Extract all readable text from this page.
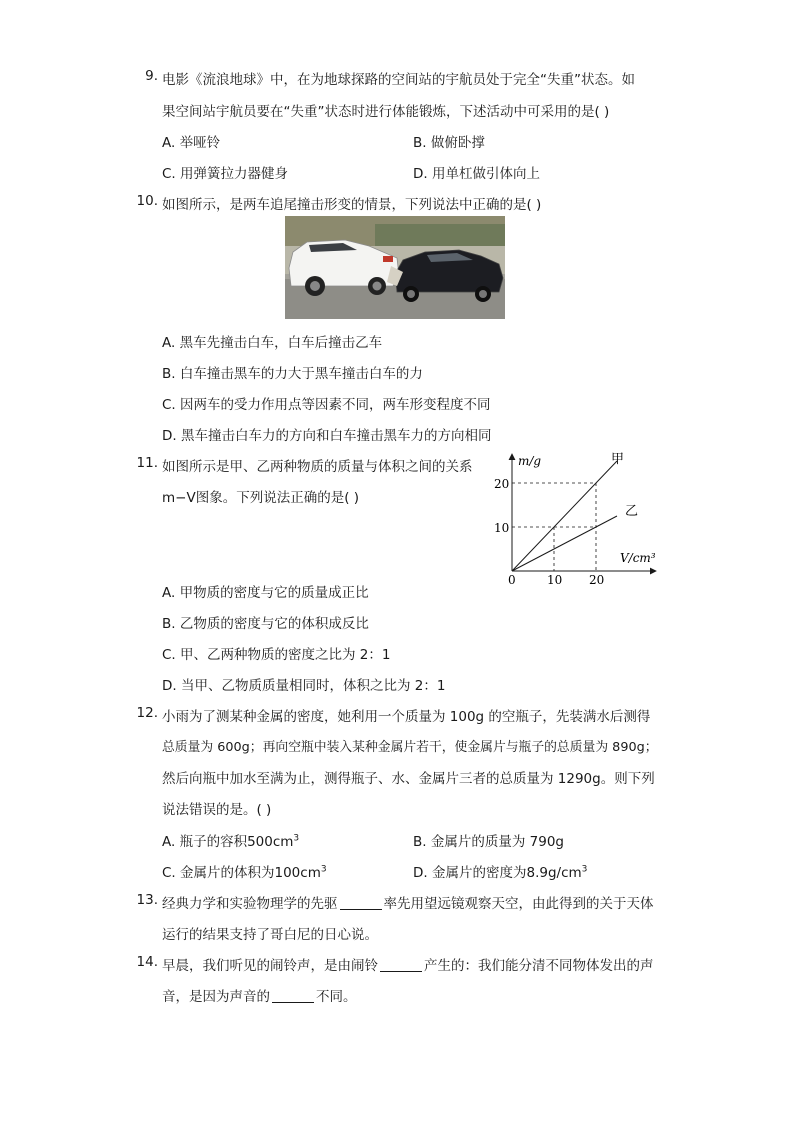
9. 电影《流浪地球》中，在为地球探路的空间站的宇航员处于完全“失重”状态。如
果空间站宇航员要在“失重”状态时进行体能锻炼，下述活动中可采用的是( )
A. 举哑铃	B. 做俯卧撑
C. 用弹簧拉力器健身	D. 用单杠做引体向上
10. 如图所示，是两车追尾撞击形变的情景，下列说法中正确的是( )
A. 黑车先撞击白车，白车后撞击乙车
B. 白车撞击黑车的力大于黑车撞击白车的力
C. 因两车的受力作用点等因素不同，两车形变程度不同
D. 黑车撞击白车力的方向和白车撞击黑车力的方向相同
11. 如图所示是甲、乙两种物质的质量与体积之间的关系
m−V图象。下列说法正确的是( )
m/g
V/cm³
0
20
10
10 20
甲
乙
A. 甲物质的密度与它的质量成正比
B. 乙物质的密度与它的体积成反比
C. 甲、乙两种物质的密度之比为 2：1
D. 当甲、乙物质质量相同时，体积之比为 2：1
12. 小雨为了测某种金属的密度，她利用一个质量为 100g 的空瓶子，先装满水后测得
总质量为 600g；再向空瓶中装入某种金属片若干，使金属片与瓶子的总质量为 890g；
然后向瓶中加水至满为止，测得瓶子、水、金属片三者的总质量为 1290g。则下列
说法错误的是。( )
A. 瓶子的容积$500cm^3$	B. 金属片的质量为 790g
C. 金属片的体积为$100cm^3$	D. 金属片的密度为$8.9g/cm^3$
13. 经典力学和实验物理学的先驱	率先用望远镜观察天空，由此得到的关于天体
运行的结果支持了哥白尼的日心说。
14. 早晨，我们听见的闹铃声，是由闹铃	产生的：我们能分清不同物体发出的声
音，是因为声音的	不同。
